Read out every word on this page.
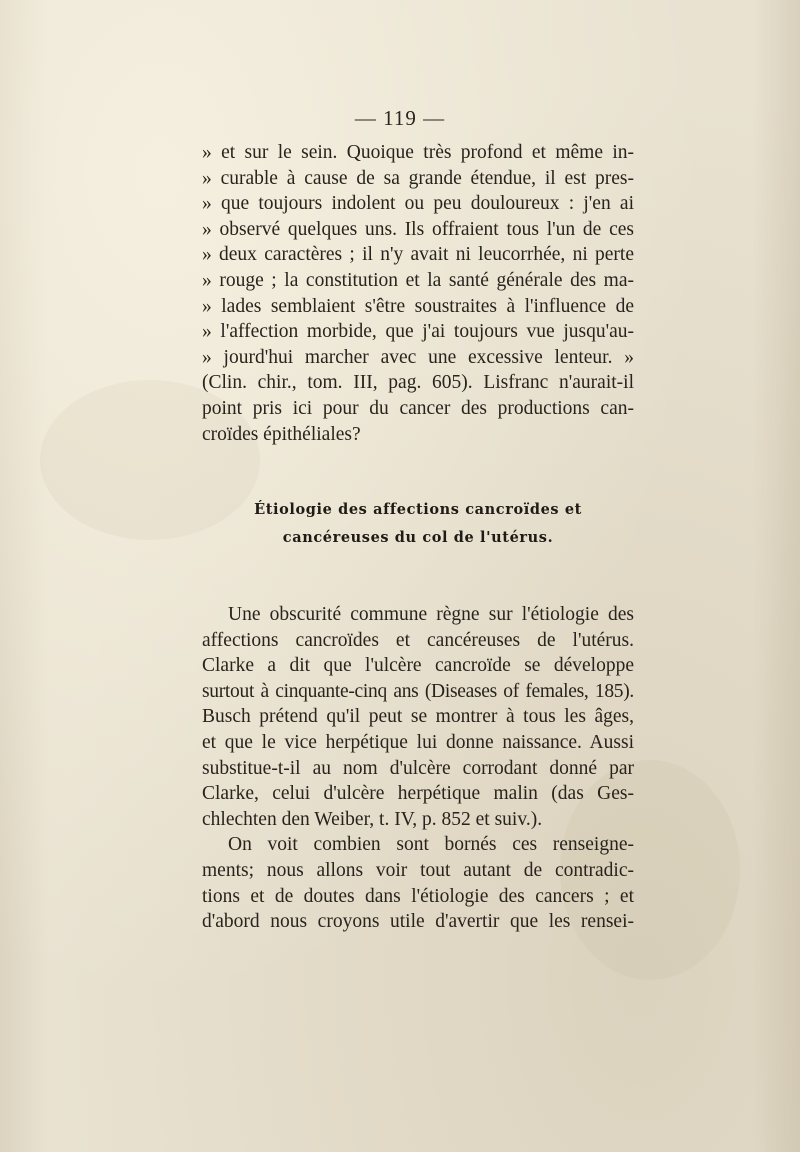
— 119 —
» et sur le sein. Quoique très profond et même in-
» curable à cause de sa grande étendue, il est pres-
» que toujours indolent ou peu douloureux : j'en ai
» observé quelques uns. Ils offraient tous l'un de ces
» deux caractères ; il n'y avait ni leucorrhée, ni perte
» rouge ; la constitution et la santé générale des ma-
» lades semblaient s'être soustraites à l'influence de
» l'affection morbide, que j'ai toujours vue jusqu'au-
» jourd'hui marcher avec une excessive lenteur. »
(Clin. chir., tom. III, pag. 605). Lisfranc n'aurait-il
point pris ici pour du cancer des productions can-
croïdes épithéliales?
Étiologie des affections cancroïdes et
cancéreuses du col de l'utérus.
Une obscurité commune règne sur l'étiologie des
affections cancroïdes et cancéreuses de l'utérus.
Clarke a dit que l'ulcère cancroïde se développe
surtout à cinquante-cinq ans (Diseases of females, 185).
Busch prétend qu'il peut se montrer à tous les âges,
et que le vice herpétique lui donne naissance. Aussi
substitue-t-il au nom d'ulcère corrodant donné par
Clarke, celui d'ulcère herpétique malin (das Ges-
chlechten den Weiber, t. IV, p. 852 et suiv.).
On voit combien sont bornés ces renseigne-
ments; nous allons voir tout autant de contradic-
tions et de doutes dans l'étiologie des cancers ; et
d'abord nous croyons utile d'avertir que les rensei-
